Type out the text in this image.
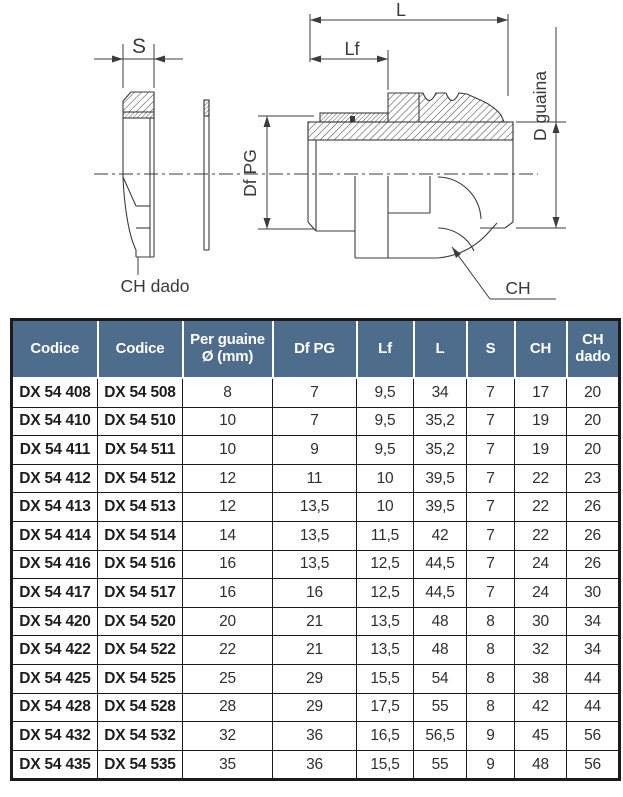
S
CH dado
Df PG
L
Lf
D guaina
CH
Codice	Codice	Per guaine Ø (mm)	Df PG	Lf	L	S	CH	CH dado
DX 54 408	DX 54 508	8	7	9,5	34	7	17	20
DX 54 410	DX 54 510	10	7	9,5	35,2	7	19	20
DX 54 411	DX 54 511	10	9	9,5	35,2	7	19	20
DX 54 412	DX 54 512	12	11	10	39,5	7	22	23
DX 54 413	DX 54 513	12	13,5	10	39,5	7	22	26
DX 54 414	DX 54 514	14	13,5	11,5	42	7	22	26
DX 54 416	DX 54 516	16	13,5	12,5	44,5	7	24	26
DX 54 417	DX 54 517	16	16	12,5	44,5	7	24	30
DX 54 420	DX 54 520	20	21	13,5	48	8	30	34
DX 54 422	DX 54 522	22	21	13,5	48	8	32	34
DX 54 425	DX 54 525	25	29	15,5	54	8	38	44
DX 54 428	DX 54 528	28	29	17,5	55	8	42	44
DX 54 432	DX 54 532	32	36	16,5	56,5	9	45	56
DX 54 435	DX 54 535	35	36	15,5	55	9	48	56
